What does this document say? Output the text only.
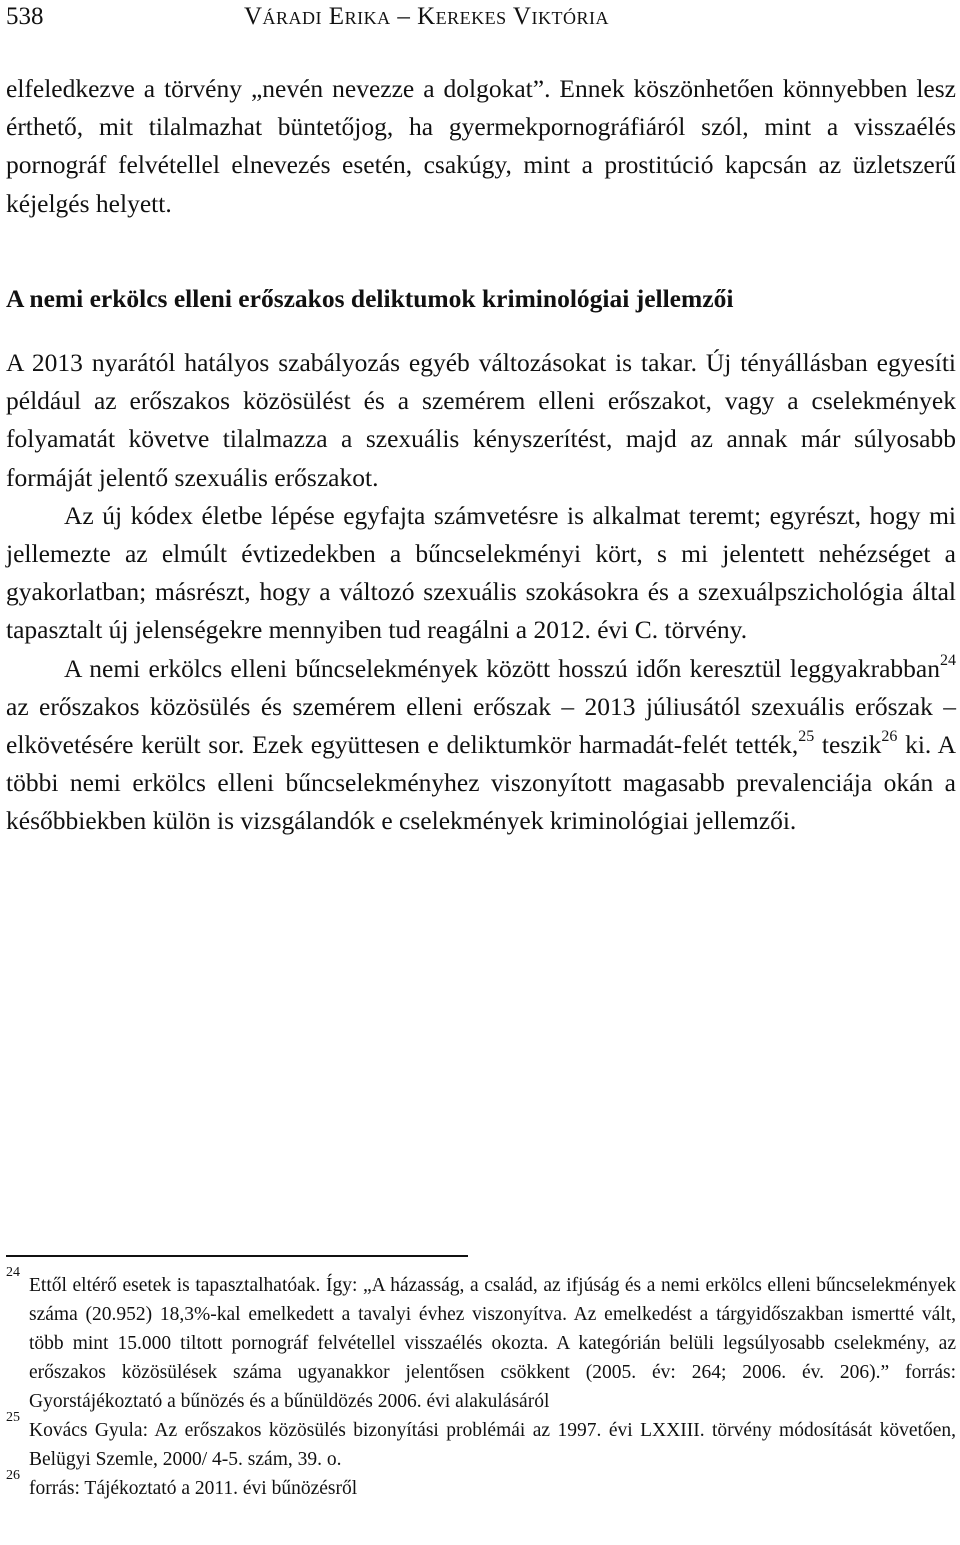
538	Váradi Erika – Kerekes Viktória

elfeledkezve a törvény „nevén nevezze a dolgokat”. Ennek köszönhetően könnyebben lesz érthető, mit tilalmazhat büntetőjog, ha gyermekpornográfiáról szól, mint a visszaélés pornográf felvétellel elnevezés esetén, csakúgy, mint a prostitúció kapcsán az üzletszerű kéjelgés helyett.

A nemi erkölcs elleni erőszakos deliktumok kriminológiai jellemzői

A 2013 nyarától hatályos szabályozás egyéb változásokat is takar. Új tényállásban egyesíti például az erőszakos közösülést és a szemérem elleni erőszakot, vagy a cselekmények folyamatát követve tilalmazza a szexuális kényszerítést, majd az annak már súlyosabb formáját jelentő szexuális erőszakot.

Az új kódex életbe lépése egyfajta számvetésre is alkalmat teremt; egyrészt, hogy mi jellemezte az elmúlt évtizedekben a bűncselekményi kört, s mi jelentett nehézséget a gyakorlatban; másrészt, hogy a változó szexuális szokásokra és a szexuálpszichológia által tapasztalt új jelenségekre mennyiben tud reagálni a 2012. évi C. törvény.

A nemi erkölcs elleni bűncselekmények között hosszú időn keresztül leggyakrabban$^{24}$ az erőszakos közösülés és szemérem elleni erőszak – 2013 júliusától szexuális erőszak – elkövetésére került sor. Ezek együttesen e deliktumkör harmadát-felét tették,$^{25}$ teszik$^{26}$ ki. A többi nemi erkölcs elleni bűncselekményhez viszonyított magasabb prevalenciája okán a későbbiekben külön is vizsgálandók e cselekmények kriminológiai jellemzői.

24
Ettől eltérő esetek is tapasztalhatóak. Így: „A házasság, a család, az ifjúság és a nemi erkölcs elleni bűncselekmények száma (20.952) 18,3%-kal emelkedett a tavalyi évhez viszonyítva. Az emelkedést a tárgyidőszakban ismertté vált, több mint 15.000 tiltott pornográf felvétellel visszaélés okozta. A kategórián belüli legsúlyosabb cselekmény, az erőszakos közösülések száma ugyanakkor jelentősen csökkent (2005. év: 264; 2006. év. 206).” forrás: Gyorstájékoztató a bűnözés és a bűnüldözés 2006. évi alakulásáról

25
Kovács Gyula: Az erőszakos közösülés bizonyítási problémái az 1997. évi LXXIII. törvény módosítását követően, Belügyi Szemle, 2000/ 4-5. szám, 39. o.

26
forrás: Tájékoztató a 2011. évi bűnözésről
